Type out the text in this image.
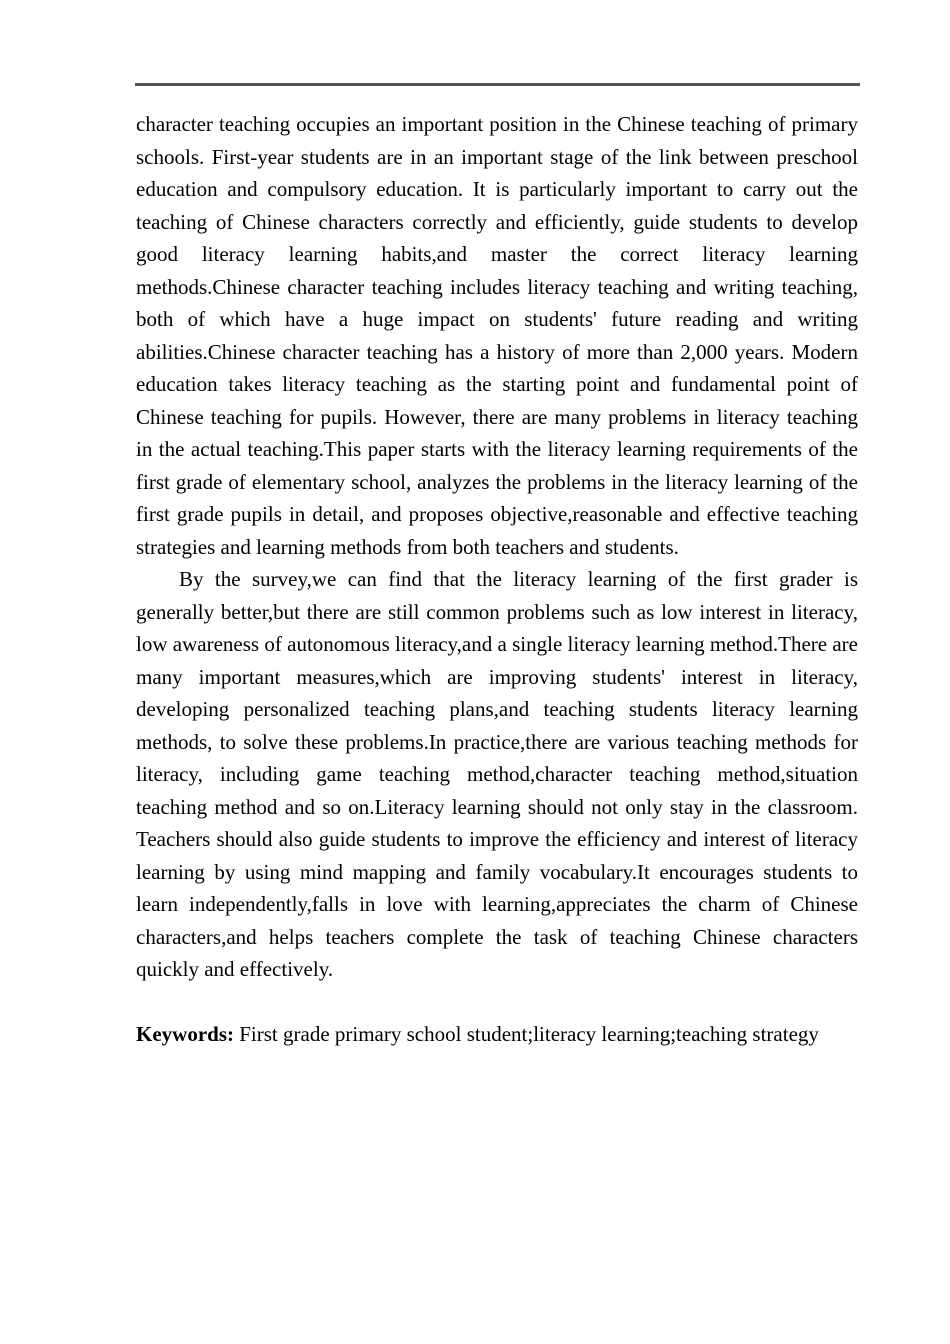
character teaching occupies an important position in the Chinese teaching of primary schools. First-year students are in an important stage of the link between preschool education and compulsory education. It is particularly important to carry out the teaching of Chinese characters correctly and efficiently, guide students to develop good literacy learning habits,and master the correct literacy learning methods.Chinese character teaching includes literacy teaching and writing teaching, both of which have a huge impact on students' future reading and writing abilities.Chinese character teaching has a history of more than 2,000 years. Modern education takes literacy teaching as the starting point and fundamental point of Chinese teaching for pupils. However, there are many problems in literacy teaching in the actual teaching.This paper starts with the literacy learning requirements of the first grade of elementary school, analyzes the problems in the literacy learning of the first grade pupils in detail, and proposes objective,reasonable and effective teaching strategies and learning methods from both teachers and students.

By the survey,we can find that the literacy learning of the first grader is generally better,but there are still common problems such as low interest in literacy, low awareness of autonomous literacy,and a single literacy learning method.There are many important measures,which are improving students' interest in literacy, developing personalized teaching plans,and teaching students literacy learning methods, to solve these problems.In practice,there are various teaching methods for literacy, including game teaching method,character teaching method,situation teaching method and so on.Literacy learning should not only stay in the classroom. Teachers should also guide students to improve the efficiency and interest of literacy learning by using mind mapping and family vocabulary.It encourages students to learn independently,falls in love with learning,appreciates the charm of Chinese characters,and helps teachers complete the task of teaching Chinese characters quickly and effectively.

Keywords: First grade primary school student;literacy learning;teaching strategy
